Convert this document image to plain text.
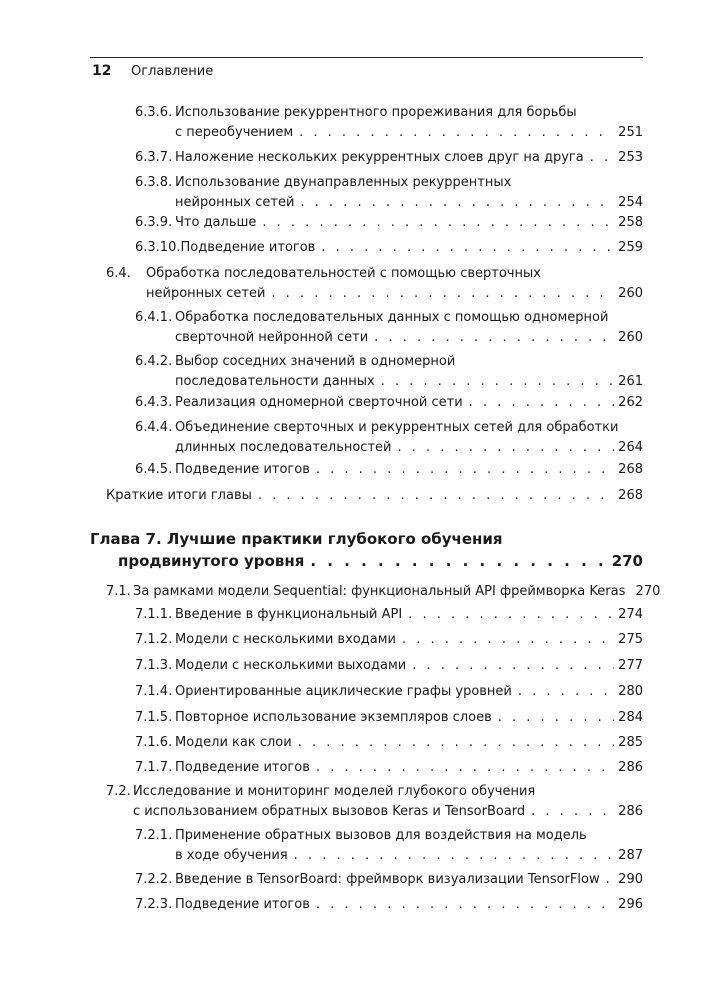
12 Оглавление
6.3.6. Использование рекуррентного прореживания для борьбы
с переобучением . . .	251
6.3.7. Наложение нескольких рекуррентных слоев друг на друга . . .	253
6.3.8. Использование двунаправленных рекуррентных
нейронных сетей . . .	254
6.3.9. Что дальше . . .	258
6.3.10. Подведение итогов . . .	259
6.4.	Обработка последовательностей с помощью сверточных
нейронных сетей . . .	260
6.4.1. Обработка последовательных данных с помощью одномерной
сверточной нейронной сети . . .	260
6.4.2. Выбор соседних значений в одномерной
последовательности данных . . .	261
6.4.3. Реализация одномерной сверточной сети . . .	262
6.4.4. Объединение сверточных и рекуррентных сетей для обработки
длинных последовательностей . . .	264
6.4.5. Подведение итогов . . .	268
Краткие итоги главы . . .	268
Глава 7. Лучшие практики глубокого обучения
продвинутого уровня . . .	270
7.1. За рамками модели Sequential: функциональный API фреймворка Keras 270
7.1.1. Введение в функциональный API . . .	274
7.1.2. Модели с несколькими входами . . .	275
7.1.3. Модели с несколькими выходами . . .	277
7.1.4. Ориентированные ациклические графы уровней . . .	280
7.1.5. Повторное использование экземпляров слоев . . .	284
7.1.6. Модели как слои . . .	285
7.1.7. Подведение итогов . . .	286
7.2. Исследование и мониторинг моделей глубокого обучения
с использованием обратных вызовов Keras и TensorBoard . . .	286
7.2.1. Применение обратных вызовов для воздействия на модель
в ходе обучения . . .	287
7.2.2. Введение в TensorBoard: фреймворк визуализации TensorFlow . . . 290
7.2.3. Подведение итогов . . .	296
